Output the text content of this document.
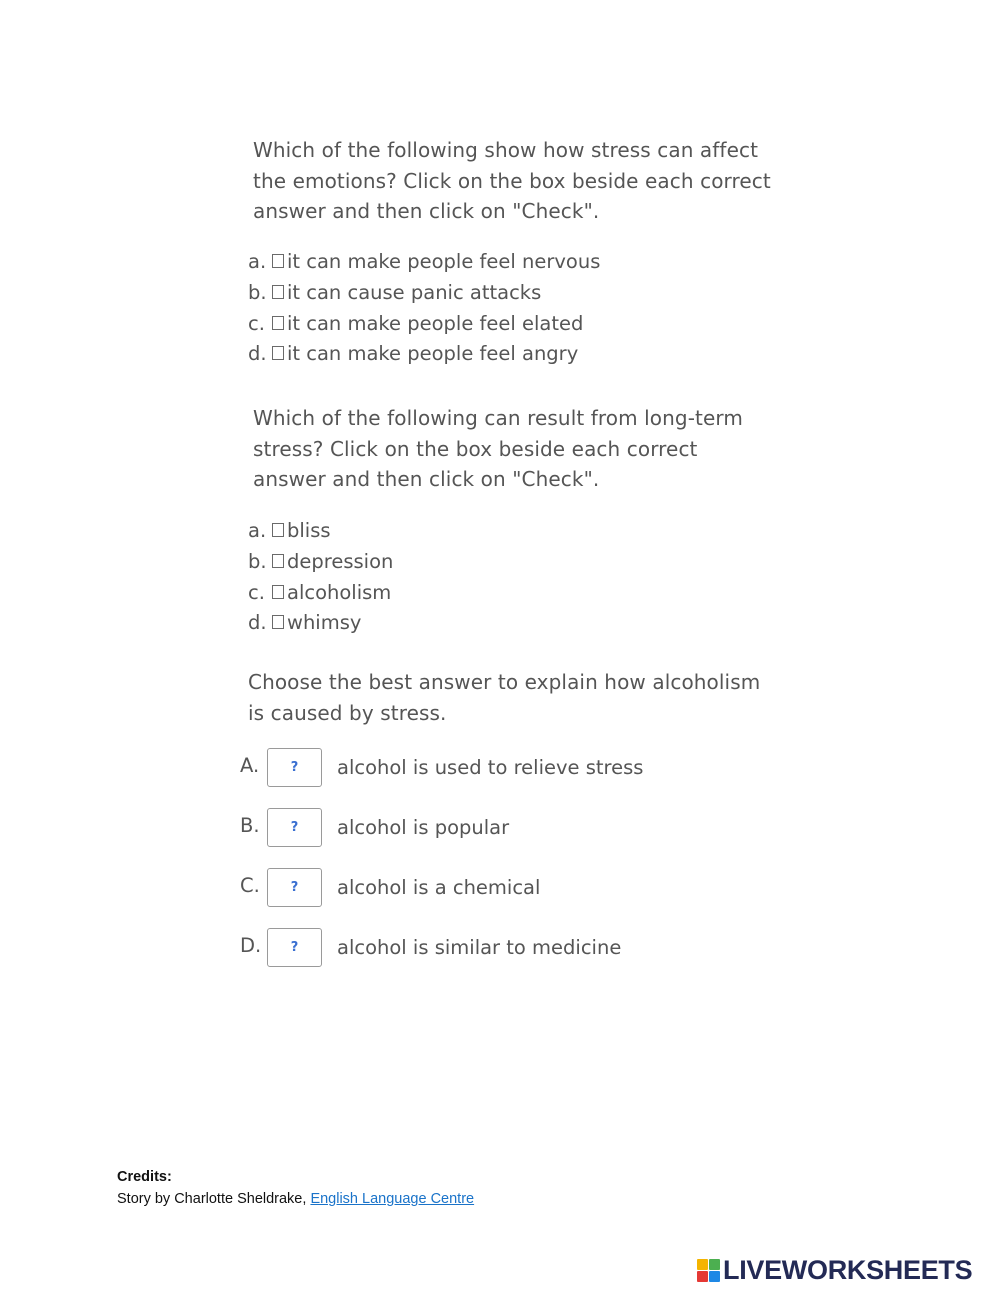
Which of the following show how stress can affect the emotions? Click on the box beside each correct answer and then click on "Check".
a. it can make people feel nervous
b. it can cause panic attacks
c. it can make people feel elated
d. it can make people feel angry
Which of the following can result from long-term stress? Click on the box beside each correct answer and then click on "Check".
a. bliss
b. depression
c. alcoholism
d. whimsy
Choose the best answer to explain how alcoholism is caused by stress.
A.	?	alcohol is used to relieve stress
B.	?	alcohol is popular
C.	?	alcohol is a chemical
D.	?	alcohol is similar to medicine
Credits:
Story by Charlotte Sheldrake, English Language Centre
LIVEWORKSHEETS
